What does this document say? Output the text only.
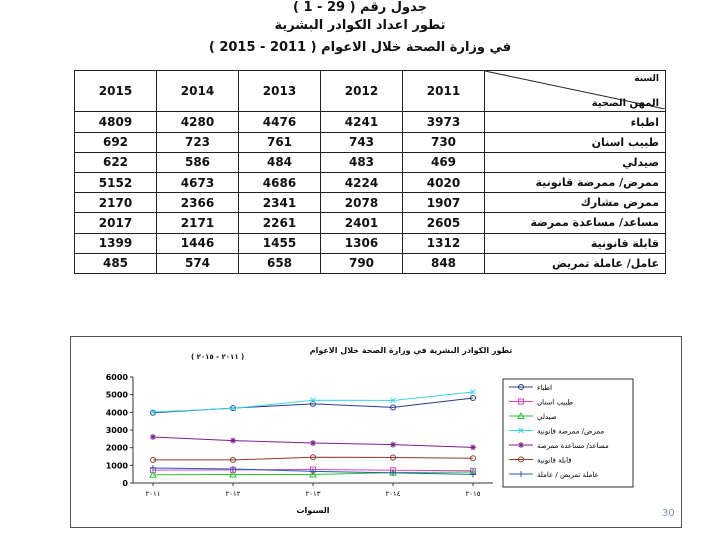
جدول رقم ( 29 - 1 )
تطور اعداد الكوادر البشرية
في وزارة الصحة خلال الاعوام ( 2011 - 2015 )
2015	2014	2013	2012	2011	السنة
المهن الصحية

4809	4280	4476	4241	3973	اطباء
692	723	761	743	730	طبيب اسنان
622	586	484	483	469	صيدلي
5152	4673	4686	4224	4020	ممرض/ ممرضة قانونية
2170	2366	2341	2078	1907	ممرض مشارك
2017	2171	2261	2401	2605	مساعد/ مساعدة ممرضة
1399	1446	1455	1306	1312	قابلة قانونية
485	574	658	790	848	عامل/ عاملة تمريض
تطور الكوادر البشرية في وزارة الصحة خلال الاعوام
( ٢٠١١ - ٢٠١٥ )
0
1000
2000
3000
4000
5000
6000
٢٠١١	٢٠١٢	٢٠١٣	٢٠١٤	٢٠١٥
السنوات
اطباء
طبيب اسنان
صيدلي
ممرض/ ممرضة قانونية
مساعد/ مساعدة ممرضة
قابلة قانونية
عاملة تمريض / عاملة
30
